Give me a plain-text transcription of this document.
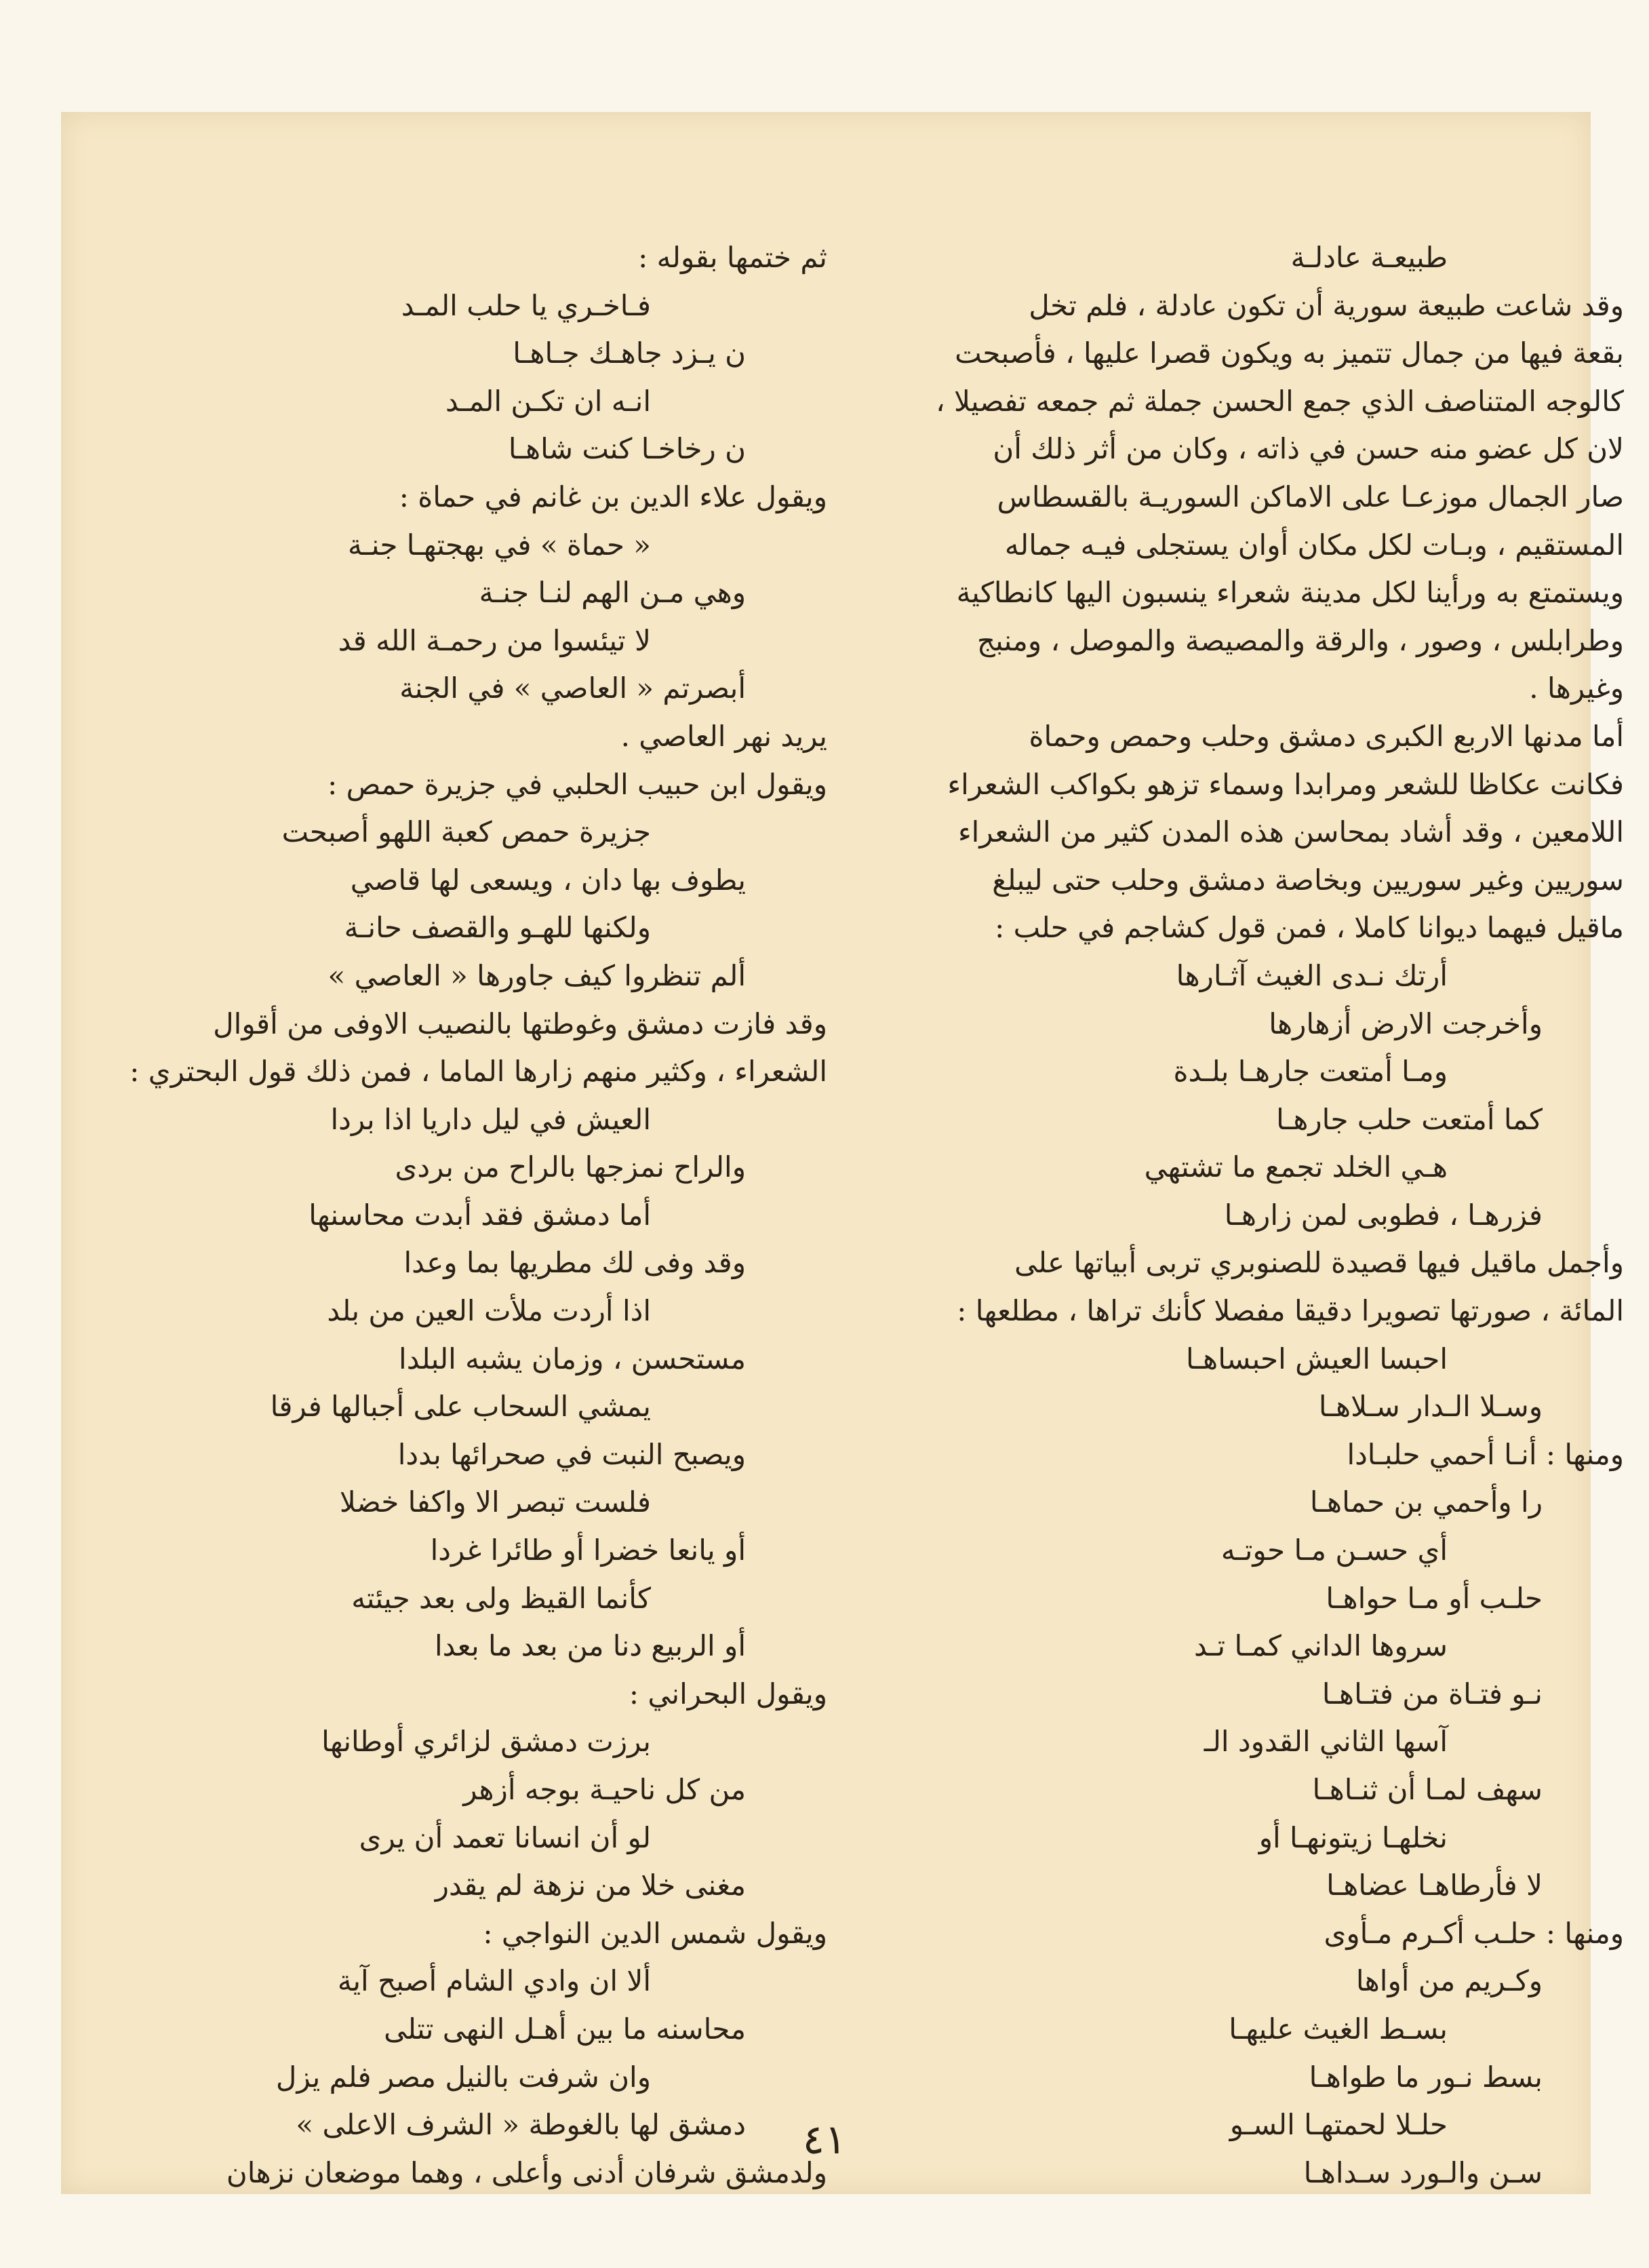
طبيعـة عادلـة
وقد شاعت طبيعة سورية أن تكون عادلة ، فلم تخل
بقعة فيها من جمال تتميز به ويكون قصرا عليها ، فأصبحت
كالوجه المتناصف الذي جمع الحسن جملة ثم جمعه تفصيلا ،
لان كل عضو منه حسن في ذاته ، وكان من أثر ذلك أن
صار الجمال موزعـا على الاماكن السوريـة بالقسطاس
المستقيم ، وبـات لكل مكان أوان يستجلى فيـه جماله
ويستمتع به ورأينا لكل مدينة شعراء ينسبون اليها كانطاكية
وطرابلس ، وصور ، والرقة والمصيصة والموصل ، ومنبج
وغيرها .
أما مدنها الاربع الكبرى دمشق وحلب وحمص وحماة
فكانت عكاظا للشعر ومرابدا وسماء تزهو بكواكب الشعراء
اللامعين ، وقد أشاد بمحاسن هذه المدن كثير من الشعراء
سوريين وغير سوريين وبخاصة دمشق وحلب حتى ليبلغ
ماقيل فيهما ديوانا كاملا ، فمن قول كشاجم في حلب :
أرتك نـدى الغيث آثـارها
وأخرجت الارض أزهارها
ومـا أمتعت جارهـا بلـدة
كما أمتعت حلب جارهـا
هـي الخلد تجمع ما تشتهي
فزرهـا ، فطوبى لمن زارهـا
وأجمل ماقيل فيها قصيدة للصنوبري تربى أبياتها على
المائة ، صورتها تصويرا دقيقا مفصلا كأنك تراها ، مطلعها :
احبسا العيش احبساهـا
وسـلا الـدار سـلاهـا
ومنها : أنـا أحمي حلبـادا
را وأحمي بن حماهـا
أي حسـن مـا حوتـه
حلـب أو مـا حواهـا
سروها الداني كمـا تـد
نـو فتـاة من فتـاهـا
آسها الثاني القدود الـ
سهف لمـا أن ثنـاهـا
نخلهـا زيتونهـا أو
لا فأرطاهـا عضاهـا
ومنها : حلـب أكـرم مـأوى
وكـريم من أواها
بسـط الغيث عليهـا
بسط نـور ما طواهـا
حلـلا لحمتهـا السـو
سـن والـورد سـداهـا
ثم ختمها بقوله :
فـاخـري يا حلب المـد
ن يـزد جاهـك جـاهـا
انـه ان تكـن المـد
ن رخاخـا كنت شاهـا
ويقول علاء الدين بن غانم في حماة :
« حماة » في بهجتهـا جنـة
وهي مـن الهم لنـا جنـة
لا تيئسوا من رحمـة الله قد
أبصرتم « العاصي » في الجنة
يريد نهر العاصي .
ويقول ابن حبيب الحلبي في جزيرة حمص :
جزيرة حمص كعبة اللهو أصبحت
يطوف بها دان ، ويسعى لها قاصي
ولكنها للهـو والقصف حانـة
ألم تنظروا كيف جاورها « العاصي »
وقد فازت دمشق وغوطتها بالنصيب الاوفى من أقوال
الشعراء ، وكثير منهم زارها الماما ، فمن ذلك قول البحتري :
العيش في ليل داريا اذا بردا
والراح نمزجها بالراح من بردى
أما دمشق فقد أبدت محاسنها
وقد وفى لك مطريها بما وعدا
اذا أردت ملأت العين من بلد
مستحسن ، وزمان يشبه البلدا
يمشي السحاب على أجبالها فرقا
ويصبح النبت في صحرائها بددا
فلست تبصر الا واكفا خضلا
أو يانعا خضرا أو طائرا غردا
كأنما القيظ ولى بعد جيئته
أو الربيع دنا من بعد ما بعدا
ويقول البحراني :
برزت دمشق لزائري أوطانها
من كل ناحيـة بوجه أزهر
لو أن انسانا تعمد أن يرى
مغنى خلا من نزهة لم يقدر
ويقول شمس الدين النواجي :
ألا ان وادي الشام أصبح آية
محاسنه ما بين أهـل النهى تتلى
وان شرفت بالنيل مصر فلم يزل
دمشق لها بالغوطة « الشرف الاعلى »
ولدمشق شرفان أدنى وأعلى ، وهما موضعان نزهان
٤١
